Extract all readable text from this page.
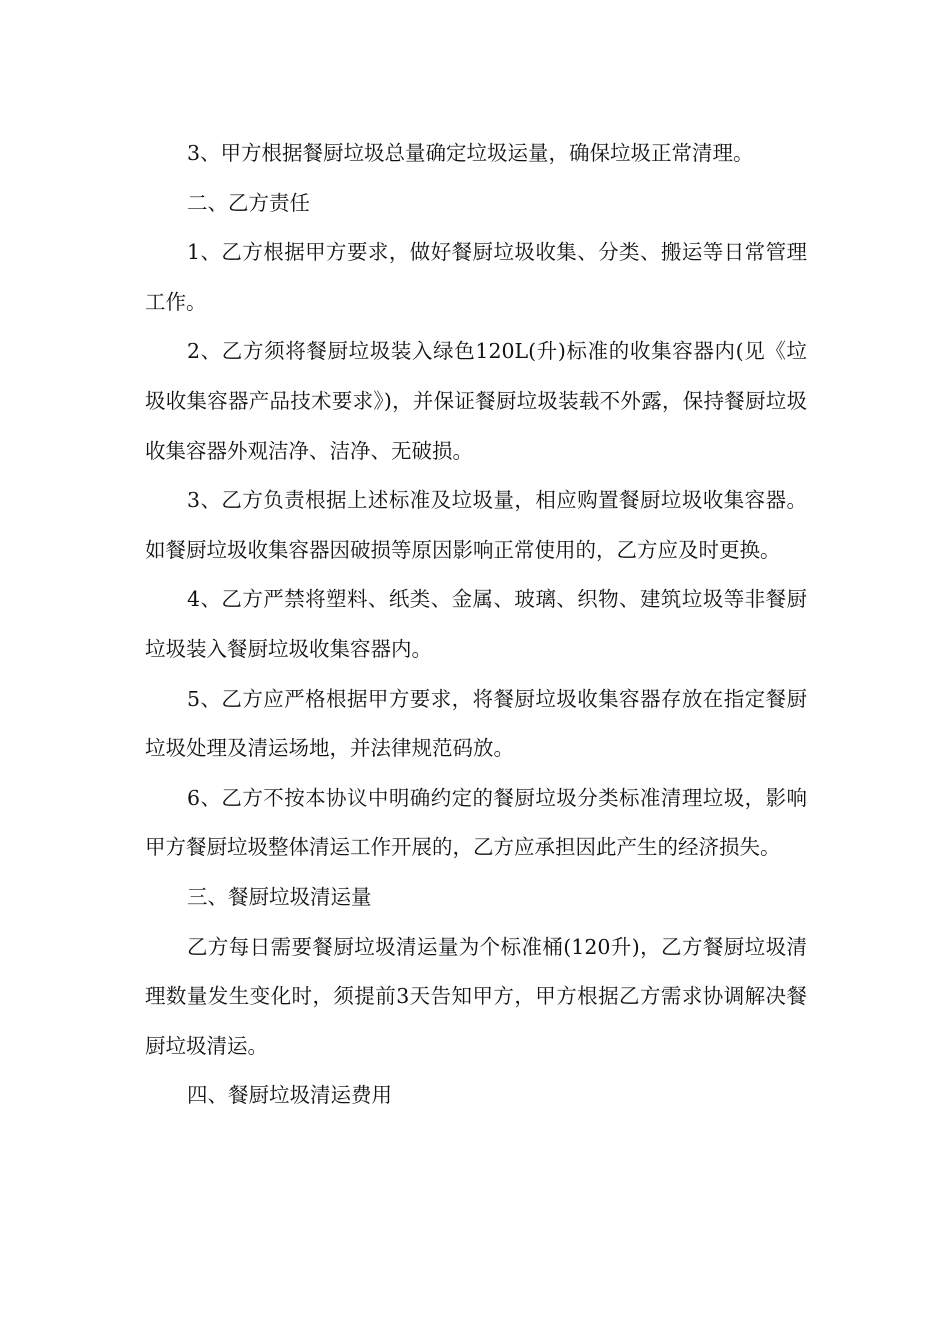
3、甲方根据餐厨垃圾总量确定垃圾运量，确保垃圾正常清理。

二、乙方责任

1、乙方根据甲方要求，做好餐厨垃圾收集、分类、搬运等日常管理工作。

2、乙方须将餐厨垃圾装入绿色120L(升)标准的收集容器内(见《垃圾收集容器产品技术要求》)，并保证餐厨垃圾装载不外露，保持餐厨垃圾收集容器外观洁净、洁净、无破损。

3、乙方负责根据上述标准及垃圾量，相应购置餐厨垃圾收集容器。如餐厨垃圾收集容器因破损等原因影响正常使用的，乙方应及时更换。

4、乙方严禁将塑料、纸类、金属、玻璃、织物、建筑垃圾等非餐厨垃圾装入餐厨垃圾收集容器内。

5、乙方应严格根据甲方要求，将餐厨垃圾收集容器存放在指定餐厨垃圾处理及清运场地，并法律规范码放。

6、乙方不按本协议中明确约定的餐厨垃圾分类标准清理垃圾，影响甲方餐厨垃圾整体清运工作开展的，乙方应承担因此产生的经济损失。

三、餐厨垃圾清运量

乙方每日需要餐厨垃圾清运量为个标准桶(120升)，乙方餐厨垃圾清理数量发生变化时，须提前3天告知甲方，甲方根据乙方需求协调解决餐厨垃圾清运。

四、餐厨垃圾清运费用
